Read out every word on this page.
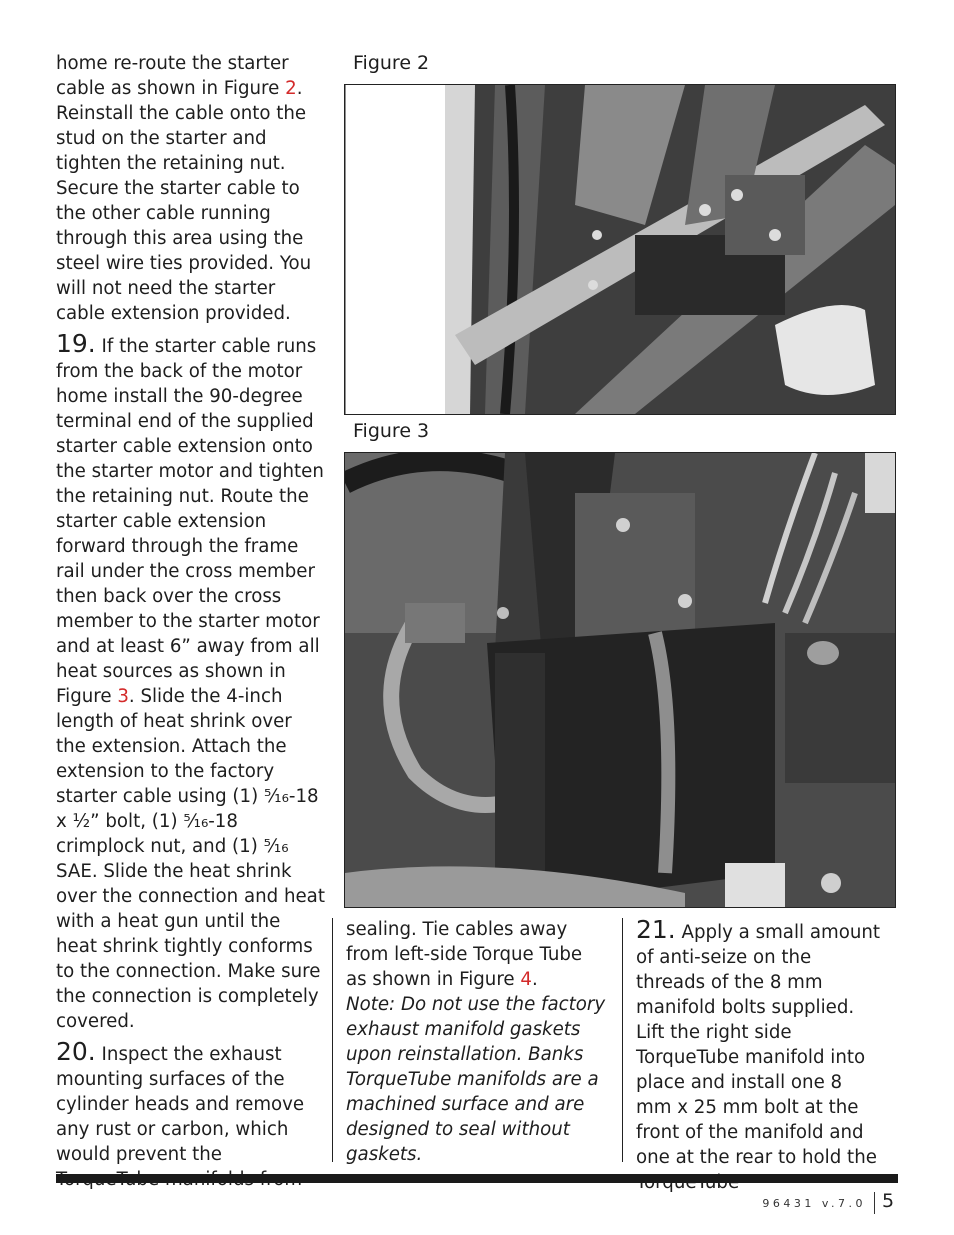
home re-route the starter cable as shown in Figure 2. Reinstall the cable onto the stud on the starter and tighten the retaining nut. Secure the starter cable to the other cable running through this area using the steel wire ties provided. You will not need the starter cable extension provided.

19. If the starter cable runs from the back of the motor home install the 90-degree terminal end of the supplied starter cable extension onto the starter motor and tighten the retaining nut. Route the starter cable extension forward through the frame rail under the cross member then back over the cross member to the starter motor and at least 6” away from all heat sources as shown in Figure 3. Slide the 4-inch length of heat shrink over the extension. Attach the extension to the factory starter cable using (1) ⁵⁄₁₆-18 x ½” bolt, (1) ⁵⁄₁₆-18 crimplock nut, and (1) ⁵⁄₁₆ SAE. Slide the heat shrink over the connection and heat with a heat gun until the heat shrink tightly conforms to the connection. Make sure the connection is completely covered.

20. Inspect the exhaust mounting surfaces of the cylinder heads and remove any rust or carbon, which would prevent the

Figure 2
Figure 3

sealing. Tie cables away from left-side Torque Tube as shown in Figure 4.

Note: Do not use the factory exhaust manifold gaskets upon reinstallation. Banks TorqueTube manifolds are a machined surface and are designed to seal without gaskets.

21. Apply a small amount of anti-seize on the threads of the 8 mm manifold bolts supplied. Lift the right side TorqueTube manifold into place and install one 8 mm x 25 mm bolt at the front of the manifold and one at the rear to hold the

96431 v.7.0 5
